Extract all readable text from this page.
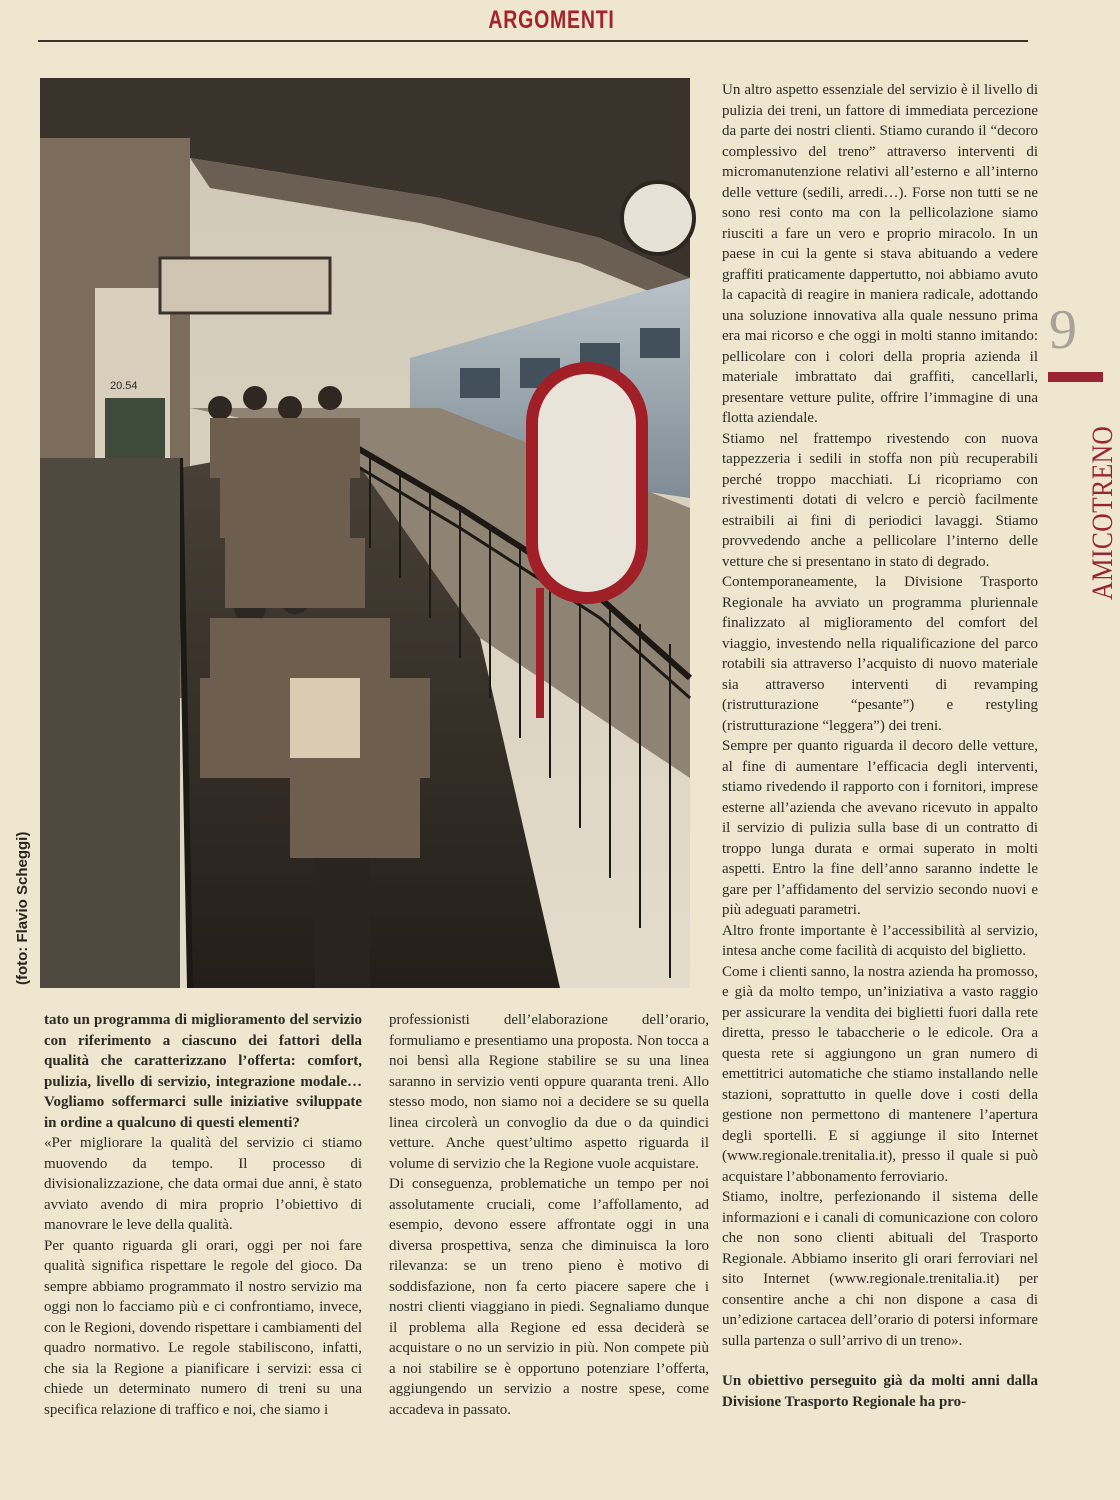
ARGOMENTI
20.54
(foto: Flavio Scheggi)

Un altro aspetto essenziale del servizio è il livello di pulizia dei treni, un fattore di immediata percezione da parte dei nostri clienti. Stiamo curando il “decoro complessivo del treno” attraverso interventi di micromanutenzione relativi all’esterno e all’interno delle vetture (sedili, arredi…). Forse non tutti se ne sono resi conto ma con la pellicolazione siamo riusciti a fare un vero e proprio miracolo. In un paese in cui la gente si stava abituando a vedere graffiti praticamente dappertutto, noi abbiamo avuto la capacità di reagire in maniera radicale, adottando una soluzione innovativa alla quale nessuno prima era mai ricorso e che oggi in molti stanno imitando: pellicolare con i colori della propria azienda il materiale imbrattato dai graffiti, cancellarli, presentare vetture pulite, offrire l’immagine di una flotta aziendale.

Stiamo nel frattempo rivestendo con nuova tappezzeria i sedili in stoffa non più recuperabili perché troppo macchiati. Li ricopriamo con rivestimenti dotati di velcro e perciò facilmente estraibili ai fini di periodici lavaggi. Stiamo provvedendo anche a pellicolare l’interno delle vetture che si presentano in stato di degrado.

Contemporaneamente, la Divisione Trasporto Regionale ha avviato un programma pluriennale finalizzato al miglioramento del comfort del viaggio, investendo nella riqualificazione del parco rotabili sia attraverso l’acquisto di nuovo materiale sia attraverso interventi di revamping (ristrutturazione “pesante”) e restyling (ristrutturazione “leggera”) dei treni.

Sempre per quanto riguarda il decoro delle vetture, al fine di aumentare l’efficacia degli interventi, stiamo rivedendo il rapporto con i fornitori, imprese esterne all’azienda che avevano ricevuto in appalto il servizio di pulizia sulla base di un contratto di troppo lunga durata e ormai superato in molti aspetti. Entro la fine dell’anno saranno indette le gare per l’affidamento del servizio secondo nuovi e più adeguati parametri.

Altro fronte importante è l’accessibilità al servizio, intesa anche come facilità di acquisto del biglietto.

Come i clienti sanno, la nostra azienda ha promosso, e già da molto tempo, un’iniziativa a vasto raggio per assicurare la vendita dei biglietti fuori dalla rete diretta, presso le tabaccherie o le edicole. Ora a questa rete si aggiungono un gran numero di emettitrici automatiche che stiamo installando nelle stazioni, soprattutto in quelle dove i costi della gestione non permettono di mantenere l’apertura degli sportelli. E si aggiunge il sito Internet (www.regionale.trenitalia.it), presso il quale si può acquistare l’abbonamento ferroviario.

Stiamo, inoltre, perfezionando il sistema delle informazioni e i canali di comunicazione con coloro che non sono clienti abituali del Trasporto Regionale. Abbiamo inserito gli orari ferroviari nel sito Internet (www.regionale.trenitalia.it) per consentire anche a chi non dispone a casa di un’edizione cartacea dell’orario di potersi informare sulla partenza o sull’arrivo di un treno».

Un obiettivo perseguito già da molti anni dalla Divisione Trasporto Regionale ha pro-

tato un programma di miglioramento del servizio con riferimento a ciascuno dei fattori della qualità che caratterizzano l’offerta: comfort, pulizia, livello di servizio, integrazione modale… Vogliamo soffermarci sulle iniziative sviluppate in ordine a qualcuno di questi elementi?

«Per migliorare la qualità del servizio ci stiamo muovendo da tempo. Il processo di divisionalizzazione, che data ormai due anni, è stato avviato avendo di mira proprio l’obiettivo di manovrare le leve della qualità.

Per quanto riguarda gli orari, oggi per noi fare qualità significa rispettare le regole del gioco. Da sempre abbiamo programmato il nostro servizio ma oggi non lo facciamo più e ci confrontiamo, invece, con le Regioni, dovendo rispettare i cambiamenti del quadro normativo. Le regole stabiliscono, infatti, che sia la Regione a pianificare i servizi: essa ci chiede un determinato numero di treni su una specifica relazione di traffico e noi, che siamo i

professionisti dell’elaborazione dell’orario, formuliamo e presentiamo una proposta. Non tocca a noi bensì alla Regione stabilire se su una linea saranno in servizio venti oppure quaranta treni. Allo stesso modo, non siamo noi a decidere se su quella linea circolerà un convoglio da due o da quindici vetture. Anche quest’ultimo aspetto riguarda il volume di servizio che la Regione vuole acquistare.

Di conseguenza, problematiche un tempo per noi assolutamente cruciali, come l’affollamento, ad esempio, devono essere affrontate oggi in una diversa prospettiva, senza che diminuisca la loro rilevanza: se un treno pieno è motivo di soddisfazione, non fa certo piacere sapere che i nostri clienti viaggiano in piedi. Segnaliamo dunque il problema alla Regione ed essa deciderà se acquistare o no un servizio in più. Non compete più a noi stabilire se è opportuno potenziare l’offerta, aggiungendo un servizio a nostre spese, come accadeva in passato.

9
AMICOTRENO
